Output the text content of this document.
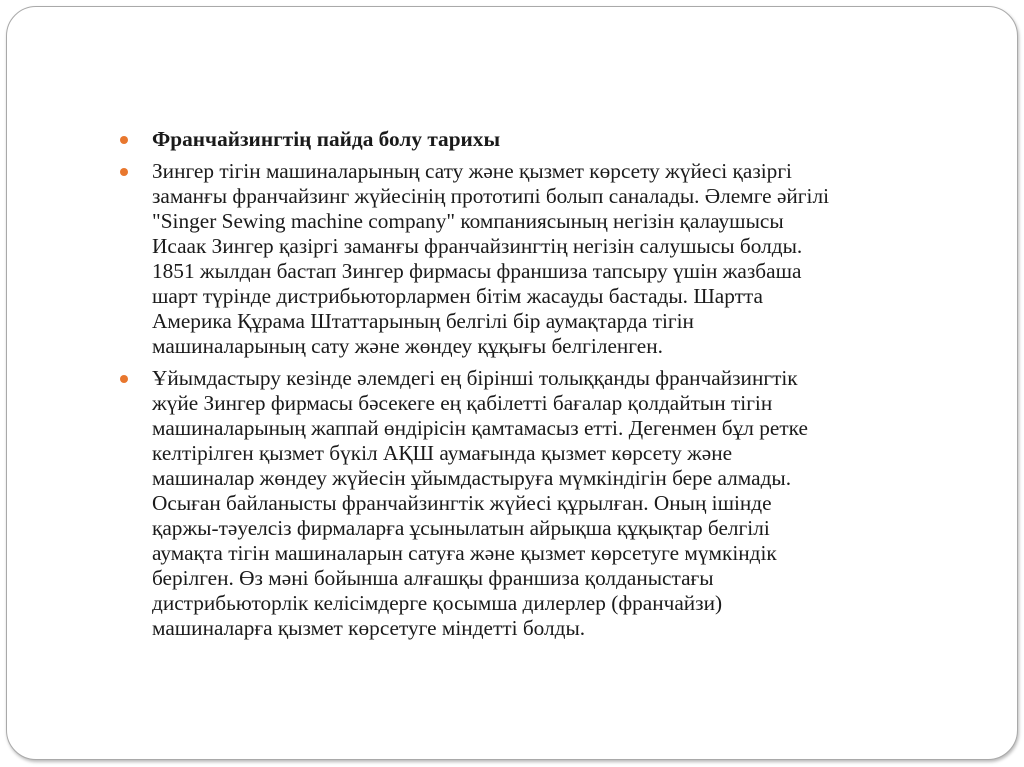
Франчайзингтің пайда болу тарихы
Зингер тігін машиналарының сату және қызмет көрсету жүйесі қазіргі
заманғы франчайзинг жүйесінің прототипі болып саналады. Әлемге әйгілі
"Singer Sewing machine company" компаниясының негізін қалаушысы
Исаак Зингер қазіргі заманғы франчайзингтің негізін салушысы болды.
1851 жылдан бастап Зингер фирмасы франшиза тапсыру үшін жазбаша
шарт түрінде дистрибьюторлармен бітім жасауды бастады. Шартта
Америка Құрама Штаттарының белгілі бір аумақтарда тігін
машиналарының сату және жөндеу құқығы белгіленген.
Ұйымдастыру кезінде әлемдегі ең бірінші толыққанды франчайзингтік
жүйе Зингер фирмасы бәсекеге ең қабілетті бағалар қолдайтын тігін
машиналарының жаппай өндірісін қамтамасыз етті. Дегенмен бұл ретке
келтірілген қызмет бүкіл АҚШ аумағында қызмет көрсету және
машиналар жөндеу жүйесін ұйымдастыруға мүмкіндігін бере алмады.
Осыған байланысты франчайзингтік жүйесі құрылған. Оның ішінде
қаржы-тәуелсіз фирмаларға ұсынылатын айрықша құқықтар белгілі
аумақта тігін машиналарын сатуға және қызмет көрсетуге мүмкіндік
берілген. Өз мәні бойынша алғашқы франшиза қолданыстағы
дистрибьюторлік келісімдерге қосымша дилерлер (франчайзи)
машиналарға қызмет көрсетуге міндетті болды.
